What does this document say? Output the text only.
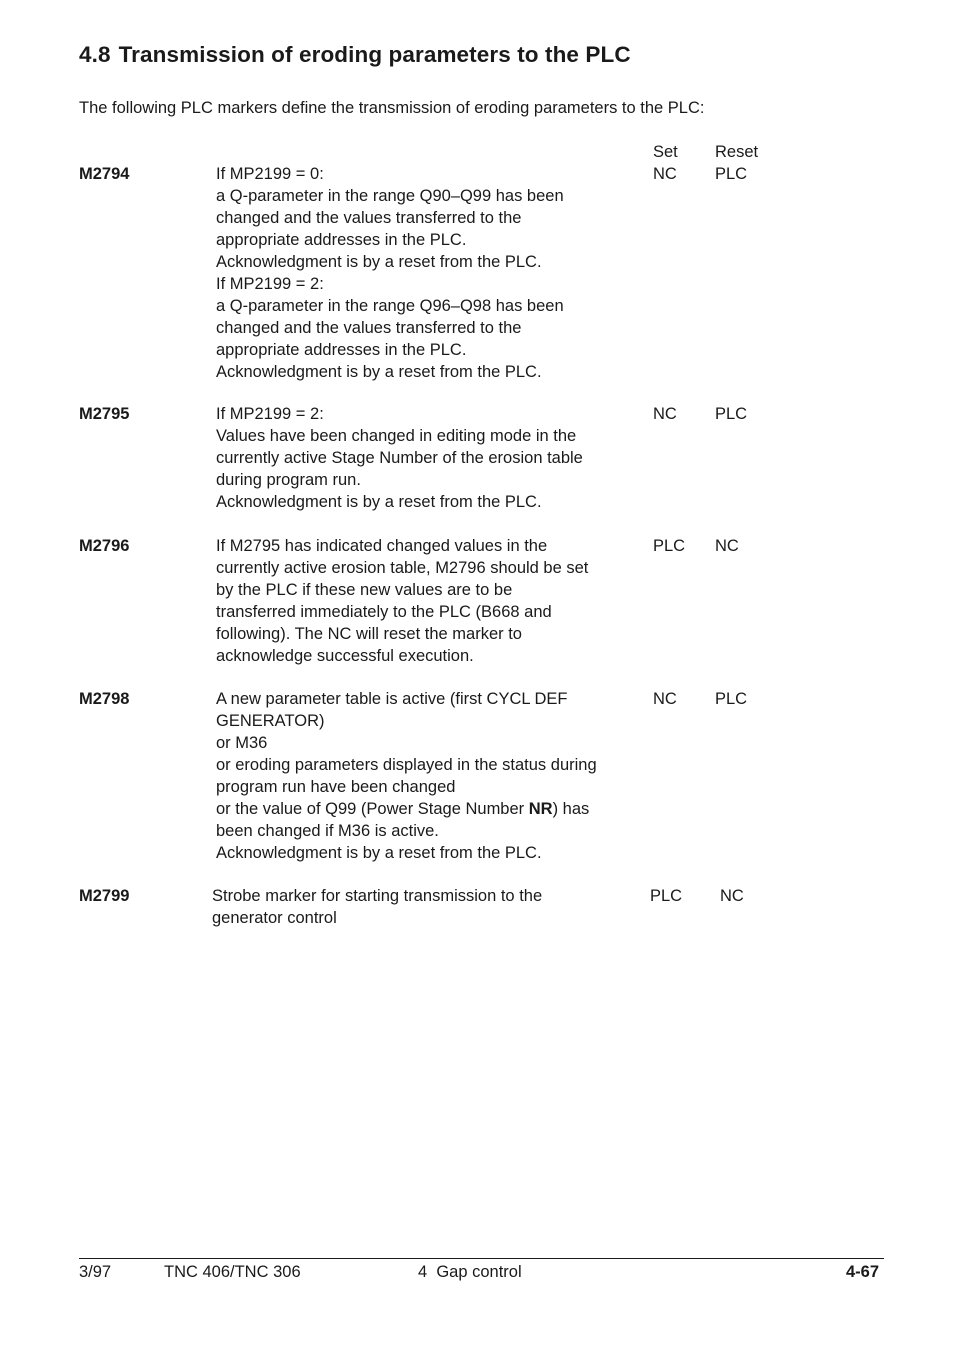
4.8 Transmission of eroding parameters to the PLC

The following PLC markers define the transmission of eroding parameters to the PLC:

Set Reset
M2794	If MP2199 = 0:
a Q-parameter in the range Q90–Q99 has been
changed and the values transferred to the
appropriate addresses in the PLC.
Acknowledgment is by a reset from the PLC.
If MP2199 = 2:
a Q-parameter in the range Q96–Q98 has been
changed and the values transferred to the
appropriate addresses in the PLC.
Acknowledgment is by a reset from the PLC.
NC PLC
M2795	If MP2199 = 2:
Values have been changed in editing mode in the
currently active Stage Number of the erosion table
during program run.
Acknowledgment is by a reset from the PLC.
NC PLC
M2796	If M2795 has indicated changed values in the
currently active erosion table, M2796 should be set
by the PLC if these new values are to be
transferred immediately to the PLC (B668 and
following). The NC will reset the marker to
acknowledge successful execution.
PLC NC
M2798	A new parameter table is active (first CYCL DEF
GENERATOR)
or M36
or eroding parameters displayed in the status during
program run have been changed
or the value of Q99 (Power Stage Number NR) has
been changed if M36 is active.
Acknowledgment is by a reset from the PLC.
NC PLC
M2799	Strobe marker for starting transmission to the
generator control
PLC NC
3/97	TNC 406/TNC 306	4  Gap control	4-67
